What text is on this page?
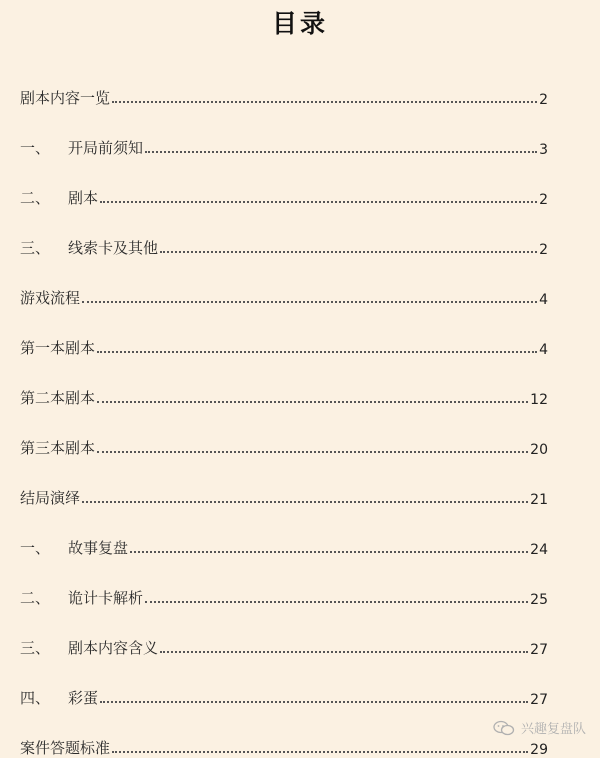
目录
剧本内容一览	2
一、	开局前须知	3
二、	剧本	2
三、	线索卡及其他	2
游戏流程	4
第一本剧本	4
第二本剧本	12
第三本剧本	20
结局演绎	21
一、	故事复盘	24
二、	诡计卡解析	25
三、	剧本内容含义	27
四、	彩蛋	27
案件答题标准	29
兴趣复盘队
